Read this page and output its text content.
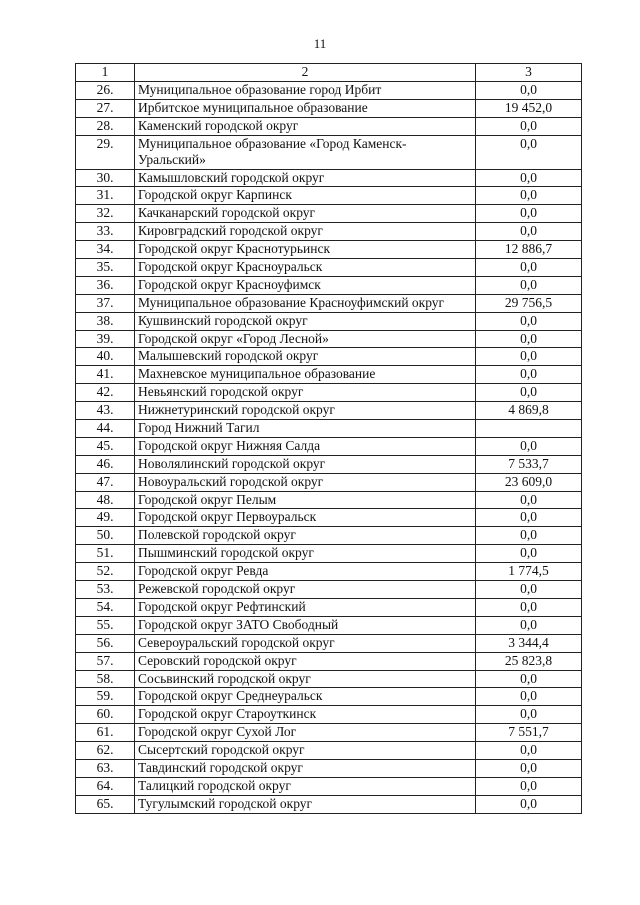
11
1	2	3
26.	Муниципальное образование город Ирбит	0,0
27.	Ирбитское муниципальное образование	19 452,0
28.	Каменский городской округ	0,0
29.	Муниципальное образование «Город Каменск-Уральский»	0,0
30.	Камышловский городской округ	0,0
31.	Городской округ Карпинск	0,0
32.	Качканарский городской округ	0,0
33.	Кировградский городской округ	0,0
34.	Городской округ Краснотурьинск	12 886,7
35.	Городской округ Красноуральск	0,0
36.	Городской округ Красноуфимск	0,0
37.	Муниципальное образование Красноуфимский округ	29 756,5
38.	Кушвинский городской округ	0,0
39.	Городской округ «Город Лесной»	0,0
40.	Малышевский городской округ	0,0
41.	Махневское муниципальное образование	0,0
42.	Невьянский городской округ	0,0
43.	Нижнетуринский городской округ	4 869,8
44.	Город Нижний Тагил	
45.	Городской округ Нижняя Салда	0,0
46.	Новолялинский городской округ	7 533,7
47.	Новоуральский городской округ	23 609,0
48.	Городской округ Пелым	0,0
49.	Городской округ Первоуральск	0,0
50.	Полевской городской округ	0,0
51.	Пышминский городской округ	0,0
52.	Городской округ Ревда	1 774,5
53.	Режевской городской округ	0,0
54.	Городской округ Рефтинский	0,0
55.	Городской округ ЗАТО Свободный	0,0
56.	Североуральский городской округ	3 344,4
57.	Серовский городской округ	25 823,8
58.	Сосьвинский городской округ	0,0
59.	Городской округ Среднеуральск	0,0
60.	Городской округ Староуткинск	0,0
61.	Городской округ Сухой Лог	7 551,7
62.	Сысертский городской округ	0,0
63.	Тавдинский городской округ	0,0
64.	Талицкий городской округ	0,0
65.	Тугулымский городской округ	0,0
